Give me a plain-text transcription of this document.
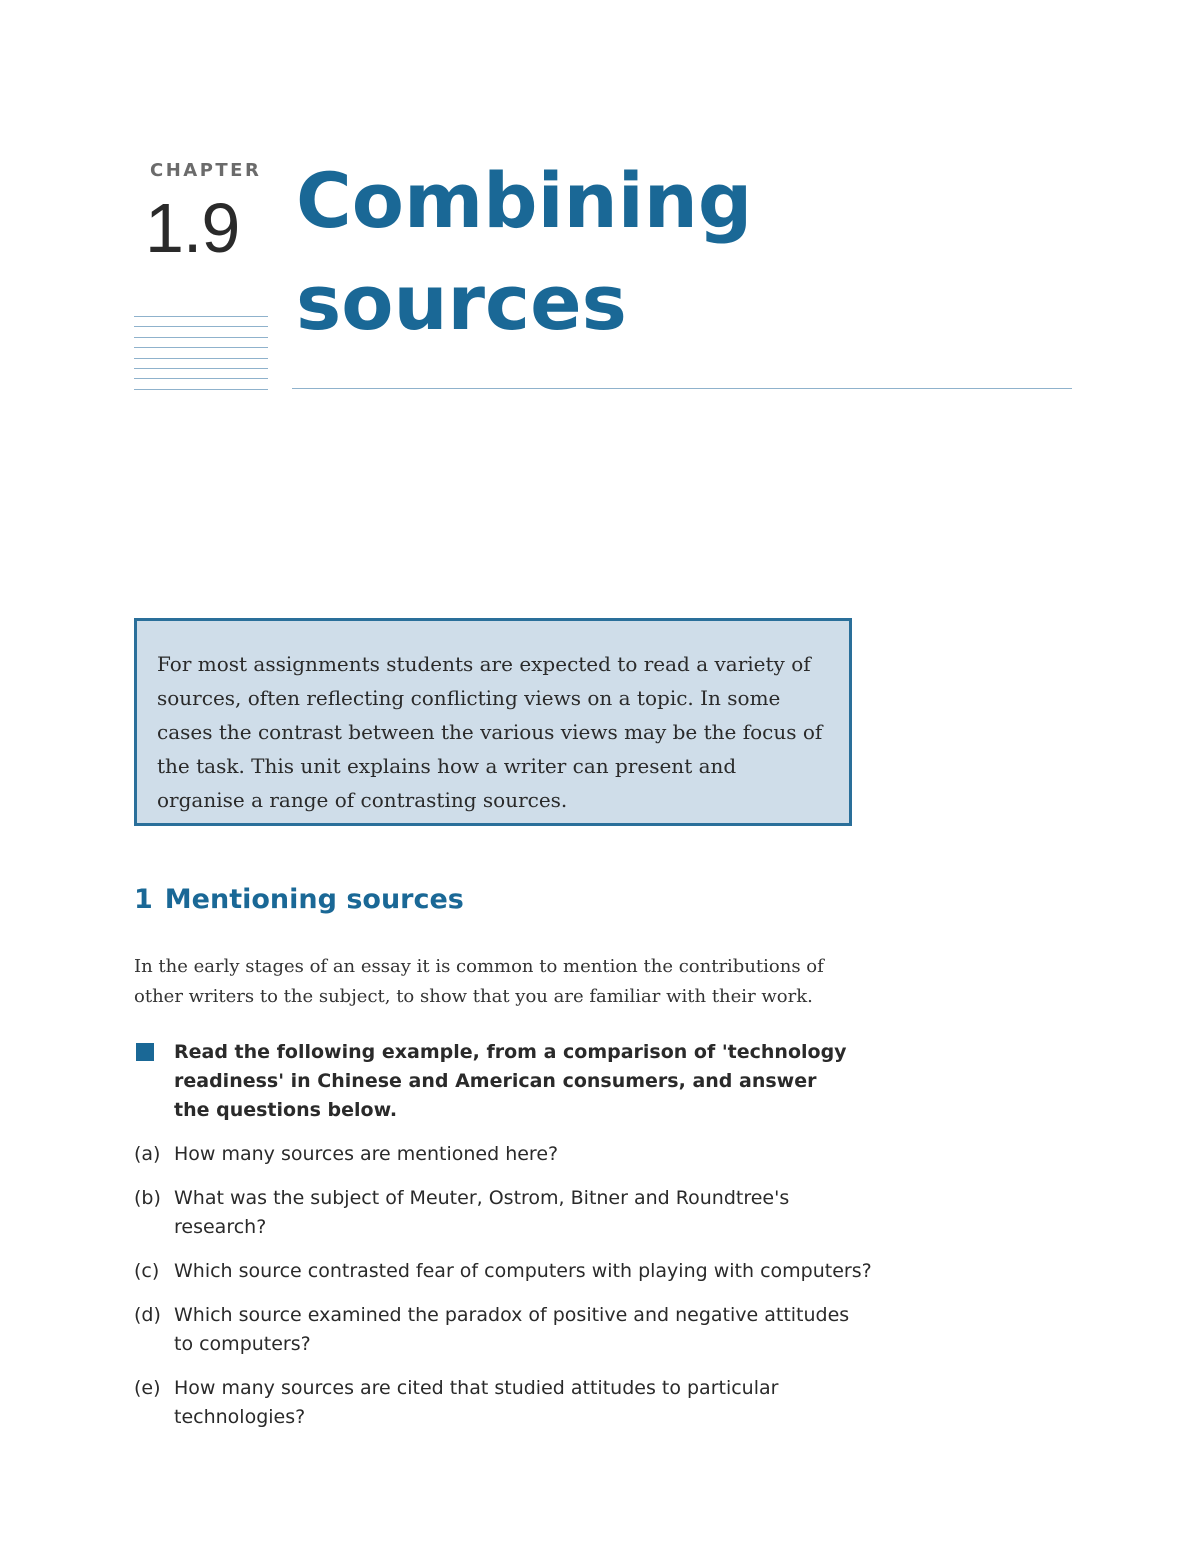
CHAPTER
1.9 Combining
sources

For most assignments students are expected to read a variety of sources, often reflecting conflicting views on a topic. In some cases the contrast between the various views may be the focus of the task. This unit explains how a writer can present and organise a range of contrasting sources.

1 Mentioning sources

In the early stages of an essay it is common to mention the contributions of other writers to the subject, to show that you are familiar with their work.

Read the following example, from a comparison of 'technology readiness' in Chinese and American consumers, and answer the questions below.

(a) How many sources are mentioned here?
(b) What was the subject of Meuter, Ostrom, Bitner and Roundtree's research?
(c) Which source contrasted fear of computers with playing with computers?
(d) Which source examined the paradox of positive and negative attitudes to computers?
(e) How many sources are cited that studied attitudes to particular technologies?
